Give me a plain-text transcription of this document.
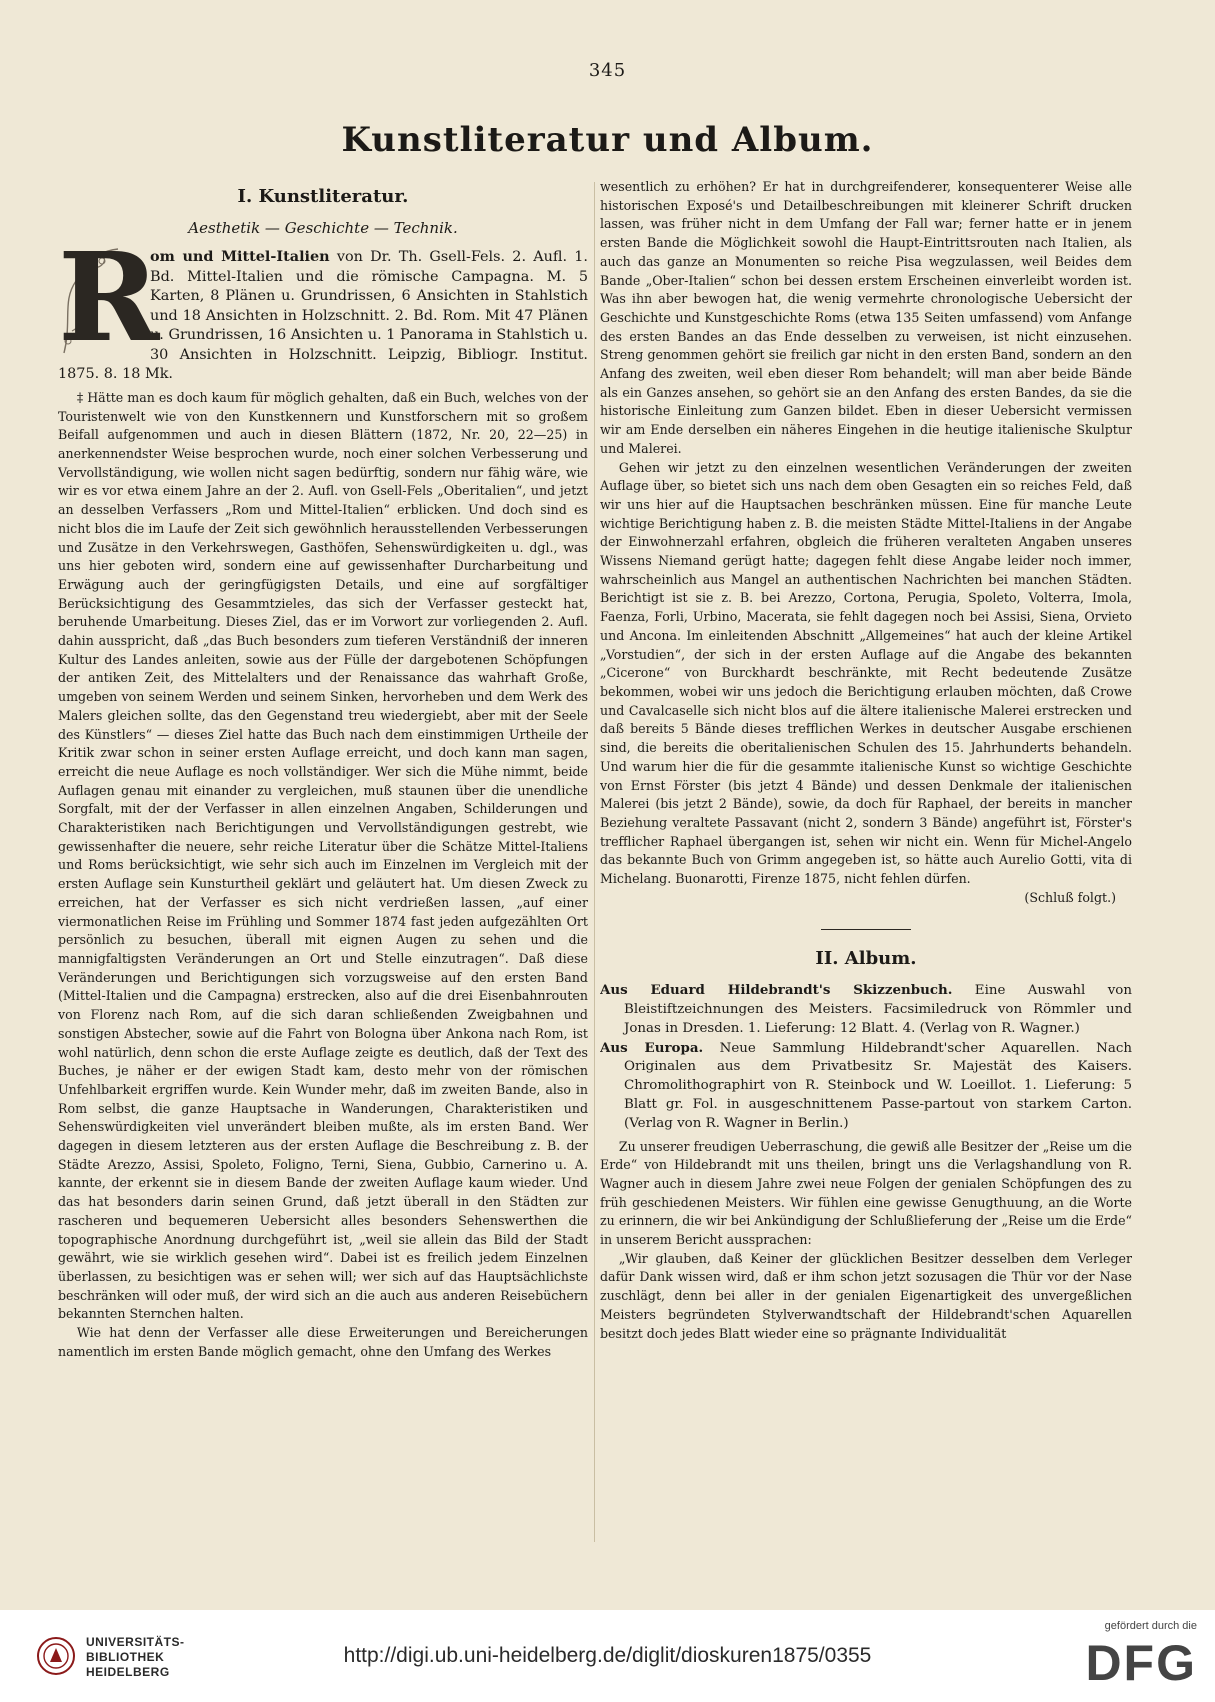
345
Kunstliteratur und Album.
I. Kunstliteratur.
Aesthetik — Geschichte — Technik.
R
om und Mittel-Italien von Dr. Th. Gsell-Fels. 2. Aufl. 1. Bd. Mittel-Italien und die römische Campagna. M. 5 Karten, 8 Plänen u. Grundrissen, 6 Ansichten in Stahlstich und 18 Ansichten in Holzschnitt. 2. Bd. Rom. Mit 47 Plänen u. Grundrissen, 16 Ansichten u. 1 Panorama in Stahlstich u. 30 Ansichten in Holzschnitt. Leipzig, Bibliogr. Institut. 1875. 8. 18 Mk.

‡ Hätte man es doch kaum für möglich gehalten, daß ein Buch, welches von der Touristenwelt wie von den Kunstkennern und Kunstforschern mit so großem Beifall aufgenommen und auch in diesen Blättern (1872, Nr. 20, 22—25) in anerkennendster Weise besprochen wurde, noch einer solchen Verbesserung und Vervollständigung, wie wollen nicht sagen bedürftig, sondern nur fähig wäre, wie wir es vor etwa einem Jahre an der 2. Aufl. von Gsell-Fels „Oberitalien“, und jetzt an desselben Verfassers „Rom und Mittel-Italien“ erblicken. Und doch sind es nicht blos die im Laufe der Zeit sich gewöhnlich herausstellenden Verbesserungen und Zusätze in den Verkehrswegen, Gasthöfen, Sehenswürdigkeiten u. dgl., was uns hier geboten wird, sondern eine auf gewissenhafter Durcharbeitung und Erwägung auch der geringfügigsten Details, und eine auf sorgfältiger Berücksichtigung des Gesammtzieles, das sich der Verfasser gesteckt hat, beruhende Umarbeitung. Dieses Ziel, das er im Vorwort zur vorliegenden 2. Aufl. dahin ausspricht, daß „das Buch besonders zum tieferen Verständniß der inneren Kultur des Landes anleiten, sowie aus der Fülle der dargebotenen Schöpfungen der antiken Zeit, des Mittelalters und der Renaissance das wahrhaft Große, umgeben von seinem Werden und seinem Sinken, hervorheben und dem Werk des Malers gleichen sollte, das den Gegenstand treu wiedergiebt, aber mit der Seele des Künstlers“ — dieses Ziel hatte das Buch nach dem einstimmigen Urtheile der Kritik zwar schon in seiner ersten Auflage erreicht, und doch kann man sagen, erreicht die neue Auflage es noch vollständiger. Wer sich die Mühe nimmt, beide Auflagen genau mit einander zu vergleichen, muß staunen über die unendliche Sorgfalt, mit der der Verfasser in allen einzelnen Angaben, Schilderungen und Charakteristiken nach Berichtigungen und Vervollständigungen gestrebt, wie gewissenhafter die neuere, sehr reiche Literatur über die Schätze Mittel-Italiens und Roms berücksichtigt, wie sehr sich auch im Einzelnen im Vergleich mit der ersten Auflage sein Kunsturtheil geklärt und geläutert hat. Um diesen Zweck zu erreichen, hat der Verfasser es sich nicht verdrießen lassen, „auf einer viermonatlichen Reise im Frühling und Sommer 1874 fast jeden aufgezählten Ort persönlich zu besuchen, überall mit eignen Augen zu sehen und die mannigfaltigsten Veränderungen an Ort und Stelle einzutragen“. Daß diese Veränderungen und Berichtigungen sich vorzugsweise auf den ersten Band (Mittel-Italien und die Campagna) erstrecken, also auf die drei Eisenbahnrouten von Florenz nach Rom, auf die sich daran schließenden Zweigbahnen und sonstigen Abstecher, sowie auf die Fahrt von Bologna über Ankona nach Rom, ist wohl natürlich, denn schon die erste Auflage zeigte es deutlich, daß der Text des Buches, je näher er der ewigen Stadt kam, desto mehr von der römischen Unfehlbarkeit ergriffen wurde. Kein Wunder mehr, daß im zweiten Bande, also in Rom selbst, die ganze Hauptsache in Wanderungen, Charakteristiken und Sehenswürdigkeiten viel unverändert bleiben mußte, als im ersten Band. Wer dagegen in diesem letzteren aus der ersten Auflage die Beschreibung z. B. der Städte Arezzo, Assisi, Spoleto, Foligno, Terni, Siena, Gubbio, Carnerino u. A. kannte, der erkennt sie in diesem Bande der zweiten Auflage kaum wieder. Und das hat besonders darin seinen Grund, daß jetzt überall in den Städten zur rascheren und bequemeren Uebersicht alles besonders Sehenswerthen die topographische Anordnung durchgeführt ist, „weil sie allein das Bild der Stadt gewährt, wie sie wirklich gesehen wird“. Dabei ist es freilich jedem Einzelnen überlassen, zu besichtigen was er sehen will; wer sich auf das Hauptsächlichste beschränken will oder muß, der wird sich an die auch aus anderen Reisebüchern bekannten Sternchen halten.

Wie hat denn der Verfasser alle diese Erweiterungen und Bereicherungen namentlich im ersten Bande möglich gemacht, ohne den Umfang des Werkes

wesentlich zu erhöhen? Er hat in durchgreifenderer, konsequenterer Weise alle historischen Exposé's und Detailbeschreibungen mit kleinerer Schrift drucken lassen, was früher nicht in dem Umfang der Fall war; ferner hatte er in jenem ersten Bande die Möglichkeit sowohl die Haupt-Eintrittsrouten nach Italien, als auch das ganze an Monumenten so reiche Pisa wegzulassen, weil Beides dem Bande „Ober-Italien“ schon bei dessen erstem Erscheinen einverleibt worden ist. Was ihn aber bewogen hat, die wenig vermehrte chronologische Uebersicht der Geschichte und Kunstgeschichte Roms (etwa 135 Seiten umfassend) vom Anfange des ersten Bandes an das Ende desselben zu verweisen, ist nicht einzusehen. Streng genommen gehört sie freilich gar nicht in den ersten Band, sondern an den Anfang des zweiten, weil eben dieser Rom behandelt; will man aber beide Bände als ein Ganzes ansehen, so gehört sie an den Anfang des ersten Bandes, da sie die historische Einleitung zum Ganzen bildet. Eben in dieser Uebersicht vermissen wir am Ende derselben ein näheres Eingehen in die heutige italienische Skulptur und Malerei.

Gehen wir jetzt zu den einzelnen wesentlichen Veränderungen der zweiten Auflage über, so bietet sich uns nach dem oben Gesagten ein so reiches Feld, daß wir uns hier auf die Hauptsachen beschränken müssen. Eine für manche Leute wichtige Berichtigung haben z. B. die meisten Städte Mittel-Italiens in der Angabe der Einwohnerzahl erfahren, obgleich die früheren veralteten Angaben unseres Wissens Niemand gerügt hatte; dagegen fehlt diese Angabe leider noch immer, wahrscheinlich aus Mangel an authentischen Nachrichten bei manchen Städten. Berichtigt ist sie z. B. bei Arezzo, Cortona, Perugia, Spoleto, Volterra, Imola, Faenza, Forli, Urbino, Macerata, sie fehlt dagegen noch bei Assisi, Siena, Orvieto und Ancona. Im einleitenden Abschnitt „Allgemeines“ hat auch der kleine Artikel „Vorstudien“, der sich in der ersten Auflage auf die Angabe des bekannten „Cicerone“ von Burckhardt beschränkte, mit Recht bedeutende Zusätze bekommen, wobei wir uns jedoch die Berichtigung erlauben möchten, daß Crowe und Cavalcaselle sich nicht blos auf die ältere italienische Malerei erstrecken und daß bereits 5 Bände dieses trefflichen Werkes in deutscher Ausgabe erschienen sind, die bereits die oberitalienischen Schulen des 15. Jahrhunderts behandeln. Und warum hier die für die gesammte italienische Kunst so wichtige Geschichte von Ernst Förster (bis jetzt 4 Bände) und dessen Denkmale der italienischen Malerei (bis jetzt 2 Bände), sowie, da doch für Raphael, der bereits in mancher Beziehung veraltete Passavant (nicht 2, sondern 3 Bände) angeführt ist, Förster's trefflicher Raphael übergangen ist, sehen wir nicht ein. Wenn für Michel-Angelo das bekannte Buch von Grimm angegeben ist, so hätte auch Aurelio Gotti, vita di Michelang. Buonarotti, Firenze 1875, nicht fehlen dürfen.

(Schluß folgt.)
II. Album.

Aus Eduard Hildebrandt's Skizzenbuch. Eine Auswahl von Bleistiftzeichnungen des Meisters. Facsimiledruck von Römmler und Jonas in Dresden. 1. Lieferung: 12 Blatt. 4. (Verlag von R. Wagner.)

Aus Europa. Neue Sammlung Hildebrandt'scher Aquarellen. Nach Originalen aus dem Privatbesitz Sr. Majestät des Kaisers. Chromolithographirt von R. Steinbock und W. Loeillot. 1. Lieferung: 5 Blatt gr. Fol. in ausgeschnittenem Passe-partout von starkem Carton. (Verlag von R. Wagner in Berlin.)

Zu unserer freudigen Ueberraschung, die gewiß alle Besitzer der „Reise um die Erde“ von Hildebrandt mit uns theilen, bringt uns die Verlagshandlung von R. Wagner auch in diesem Jahre zwei neue Folgen der genialen Schöpfungen des zu früh geschiedenen Meisters. Wir fühlen eine gewisse Genugthuung, an die Worte zu erinnern, die wir bei Ankündigung der Schlußlieferung der „Reise um die Erde“ in unserem Bericht aussprachen:

„Wir glauben, daß Keiner der glücklichen Besitzer desselben dem Verleger dafür Dank wissen wird, daß er ihm schon jetzt sozusagen die Thür vor der Nase zuschlägt, denn bei aller in der genialen Eigenartigkeit des unvergeßlichen Meisters begründeten Stylverwandtschaft der Hildebrandt'schen Aquarellen besitzt doch jedes Blatt wieder eine so prägnante Individualität

UNIVERSITÄTS-
BIBLIOTHEK
HEIDELBERG
http://digi.ub.uni-heidelberg.de/diglit/dioskuren1875/0355
gefördert durch die
DFG
